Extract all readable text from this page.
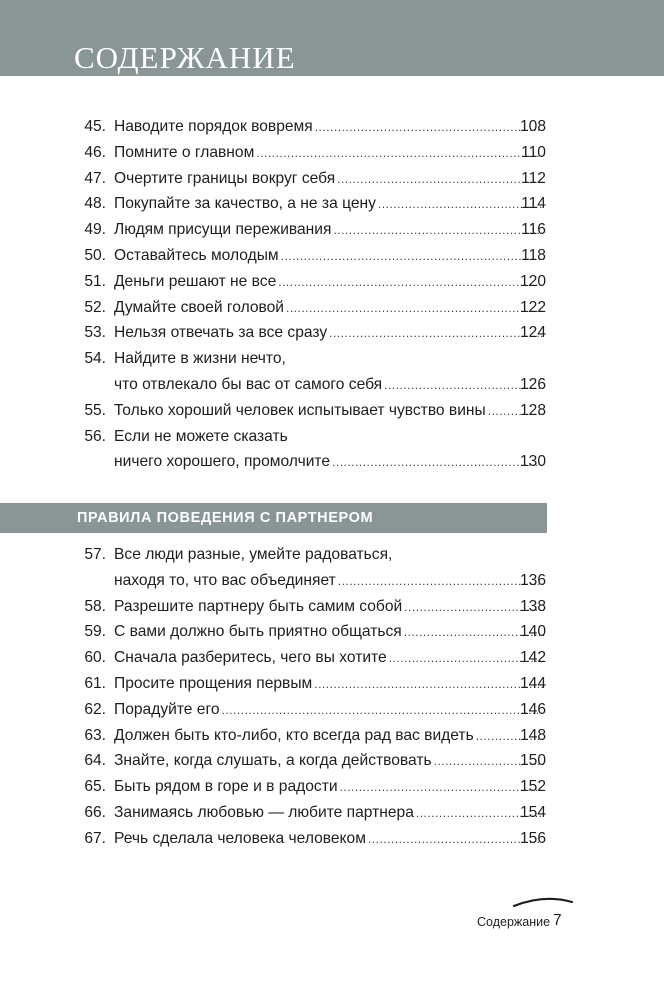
СОДЕРЖАНИЕ
45. Наводите порядок вовремя .....	108
46. Помните о главном .....	110
47. Очертите границы вокруг себя .....	112
48. Покупайте за качество, а не за цену .....	114
49. Людям присущи переживания .....	116
50. Оставайтесь молодым .....	118
51. Деньги решают не все .....	120
52. Думайте своей головой .....	122
53. Нельзя отвечать за все сразу .....	124
54. Найдите в жизни нечто,
что отвлекало бы вас от самого себя .....	126
55. Только хороший человек испытывает чувство вины ..... 128
56. Если не можете сказать
ничего хорошего, промолчите .....	130
ПРАВИЛА ПОВЕДЕНИЯ С ПАРТНЕРОМ
57. Все люди разные, умейте радоваться,
находя то, что вас объединяет .....	136
58. Разрешите партнеру быть самим собой .....	138
59. С вами должно быть приятно общаться .....	140
60. Сначала разберитесь, чего вы хотите .....	142
61. Просите прощения первым .....	144
62. Порадуйте его .....	146
63. Должен быть кто-либо, кто всегда рад вас видеть .....	148
64. Знайте, когда слушать, а когда действовать .....	150
65. Быть рядом в горе и в радости .....	152
66. Занимаясь любовью — любите партнера .....	154
67. Речь сделала человека человеком .....	156
Содержание 7
